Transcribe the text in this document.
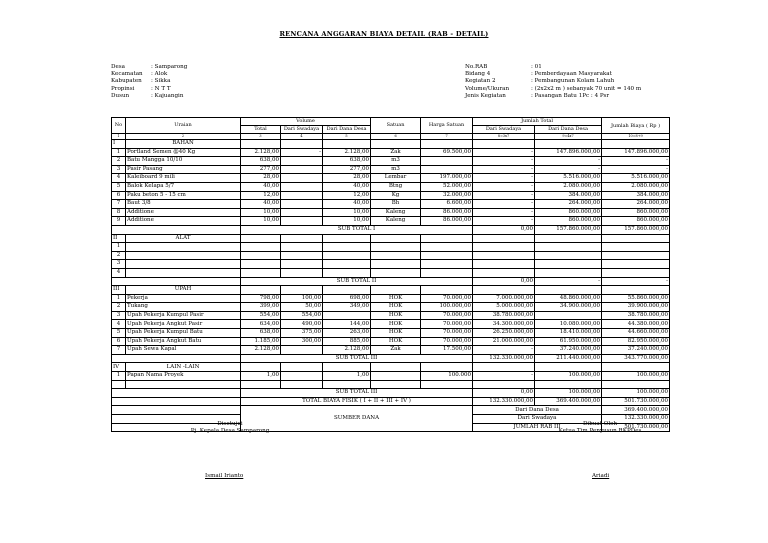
RENCANA ANGGARAN BIAYA DETAIL (RAB - DETAIL)
Desa	: Samparong
Kecamatan : Alok
Kabupaten : Sikka
Propinsi	: N T T
Dusun	: Kajuangin
No.RAB	: 01
Bidang 4	: Pemberdayaan Masyarakat
Kegiatan 2	: Pembangunan Kolam Lahuh
Volume/Ukuran	: (2x2x2 m ) sebanyak 70 unit = 140 m
Jenis Kegiatan	: Pasangan Batu 1Pc : 4 Psr
No	Uraian	Volume			Satuan	Harga Satuan	Jumlah Total		Jumlah Biaya ( Rp )
		Total	Dari Swadaya	Dari Dana Desa			Dari Swadaya	Dari Dana Desa	
1	2	3	4	5	6	7	8=3x7	9=4x7	10=8+9
I	BAHAN								
1	Portland Semen @40 Kg	2.128,00	-	2.128,00	Zak	69.500,00	-	147.896.000,00	147.896.000,00
2	Batu Mangga 10/10	638,00		638,00	m3		-	-	-
3	Pasir Pasang	277,00		277,00	m3		-	-	-
4	Kaleiboard 9 mili	28,00		28,00	Lembar	197.000,00	-	5.516.000,00	5.516.000,00
5	Balok Kelapa 5/7	40,00		40,00	Btng	52.000,00	-	2.080.000,00	2.080.000,00
6	Paku beton 5 - 15 cm	12,00		12,00	Kg	32.000,00	-	384.000,00	384.000,00
7	Baut 3/8	40,00		40,00	Bh	6.600,00	-	264.000,00	264.000,00
8	Additione	10,00		10,00	Kaleng	86.000,00	-	860.000,00	860.000,00
9	Additione	10,00		10,00	Kaleng	86.000,00	-	860.000,00	860.000,00
		SUB TOTAL I					0,00	157.860.000,00	157.860.000,00
II	ALAT								
1									
2									
3									
4									
		SUB TOTAL II					0,00	-	-
III	UPAH								
1	Pekerja	798,00	100,00	698,00	HOK	70.000,00	7.000.000,00	48.860.000,00	55.860.000,00
2	Tukang	399,00	50,00	349,00	HOK	100.000,00	5.000.000,00	34.900.000,00	39.900.000,00
3	Upah Pekerja Kumpul Pasir	554,00	554,00		HOK	70.000,00	38.780.000,00		38.780.000,00
4	Upah Pekerja Angkut Pasir	634,00	490,00	144,00	HOK	70.000,00	34.300.000,00	10.080.000,00	44.380.000,00
5	Upah Pekerja Kumpul Batu	638,00	375,00	263,00	HOK	70.000,00	26.250.000,00	18.410.000,00	44.660.000,00
6	Upah Pekerja Angkut Batu	1.185,00	300,00	885,00	HOK	70.000,00	21.000.000,00	61.950.000,00	82.950.000,00
7	Upah Sewa Kapal	2.128,00		2.128,00	Zak	17.500,00	-	37.240.000,00	37.240.000,00
		SUB TOTAL III					132.330.000,00	211.440.000,00	343.770.000,00
IV	LAIN -LAIN								
1	Papan Nama Proyek	1,00		1,00		100.000	-	100.000,00	100.000,00

		SUB TOTAL III					0,00	100.000,00	100.000,00
		TOTAL BIAYA FISIK ( I + II + III + IV )					132.330.000,00	369.400.000,00	501.730.000,00
		SUMBER DANA					Dari Dana Desa		369.400.000,00
							Dari Swadaya		132.330.000,00
							JUMLAH RAB III		501.730.000,00
Disetujui
Pj. Kepala Desa Samparong
Ismail Irianto
Dibuat Oleh
Ketua Tim Penyusun RKPDes
Ariadi
